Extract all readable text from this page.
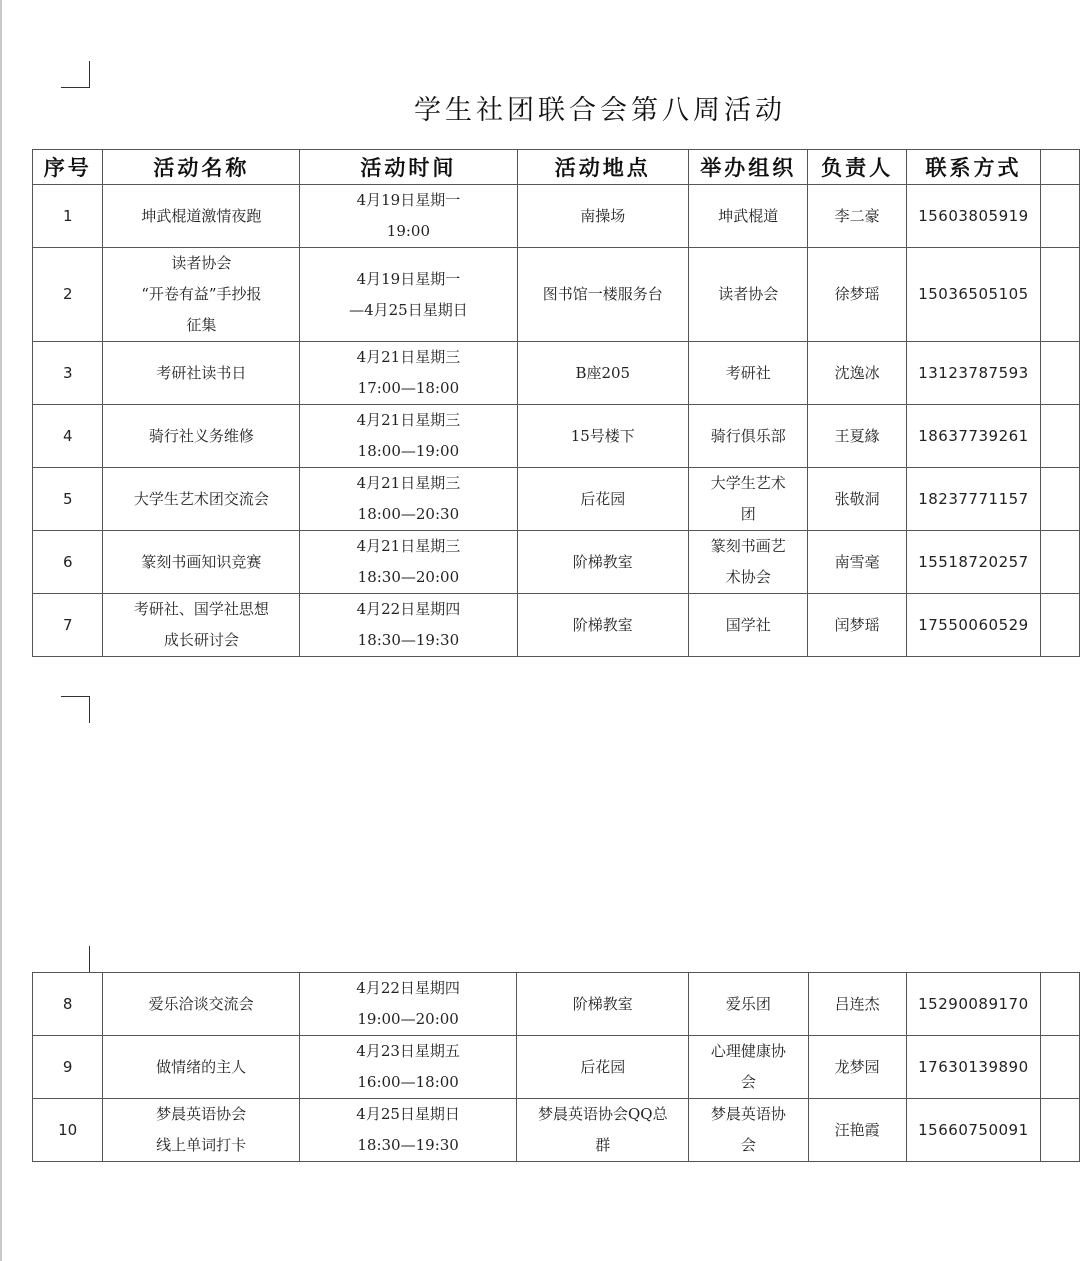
学生社团联合会第八周活动
序号	活动名称	活动时间	活动地点	举办组织	负责人	联系方式	
1	坤武棍道激情夜跑	4月19日星期一
19:00	南操场	坤武棍道	李二豪	15603805919	
2	读者协会
“开卷有益”手抄报
征集	4月19日星期一
—4月25日星期日	图书馆一楼服务台	读者协会	徐梦瑶	15036505105	
3	考研社读书日	4月21日星期三
17:00—18:00	B座205	考研社	沈逸冰	13123787593	
4	骑行社义务维修	4月21日星期三
18:00—19:00	15号楼下	骑行俱乐部	王夏緣	18637739261	
5	大学生艺术团交流会	4月21日星期三
18:00—20:30	后花园	大学生艺术
团	张敬洞	18237771157	
6	篆刻书画知识竞赛	4月21日星期三
18:30—20:00	阶梯教室	篆刻书画艺
术协会	南雪毫	15518720257	
7	考研社、国学社思想
成长研讨会	4月22日星期四
18:30—19:30	阶梯教室	国学社	闰梦瑶	17550060529	
8	爱乐洽谈交流会	4月22日星期四
19:00—20:00	阶梯教室	爱乐团	吕连杰	15290089170	
9	做情绪的主人	4月23日星期五
16:00—18:00	后花园	心理健康协
会	龙梦园	17630139890	
10	梦晨英语协会
线上单词打卡	4月25日星期日
18:30—19:30	梦晨英语协会QQ总
群	梦晨英语协
会	汪艳霞	15660750091	
